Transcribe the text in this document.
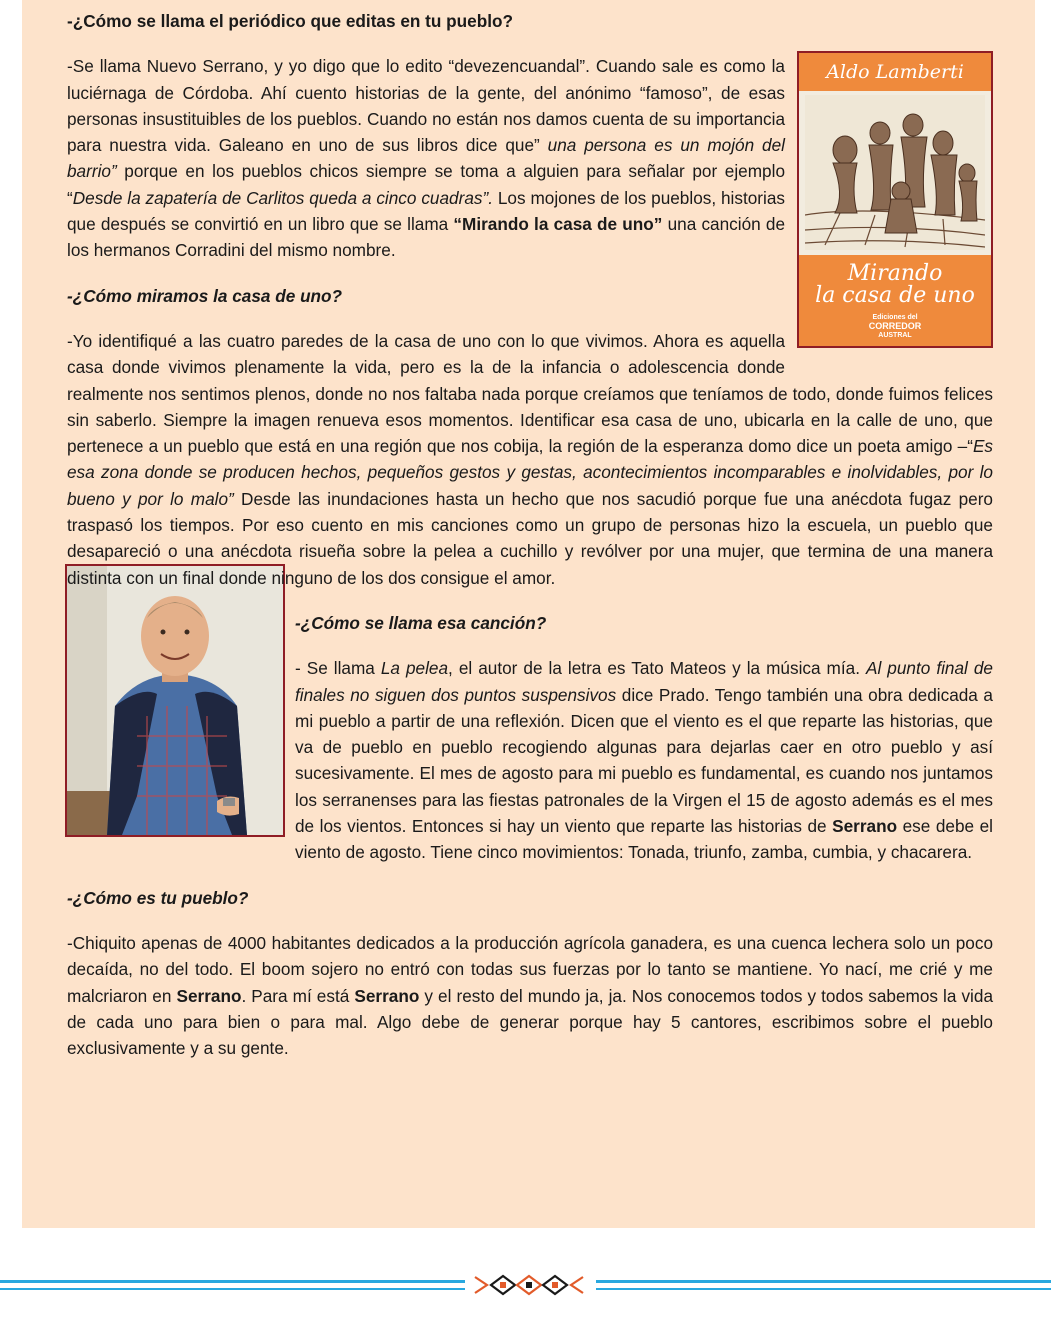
-¿Cómo se llama el periódico que editas en tu pueblo?

Aldo Lamberti
Mirando
la casa de uno
Ediciones del
CORREDOR
AUSTRAL
-Se llama Nuevo Serrano, y yo digo que lo edito “devezencuandal”. Cuando sale es como la luciérnaga de Córdoba. Ahí cuento historias de la gente, del anónimo “famoso”, de esas personas insustituibles de los pueblos. Cuando no están nos damos cuenta de su importancia para nuestra vida. Galeano en uno de sus libros dice que” una persona es un mojón del barrio” porque en los pueblos chicos siempre se toma a alguien para señalar por ejemplo “Desde la zapatería de Carlitos queda a cinco cuadras”. Los mojones de los pueblos, historias que después se convirtió en un libro que se llama “Mirando la casa de uno” una canción de los hermanos Corradini del mismo nombre.

-¿Cómo miramos la casa de uno?

-Yo identifiqué a las cuatro paredes de la casa de uno con lo que vivimos. Ahora es aquella casa donde vivimos plenamente la vida, pero es la de la infancia o adolescencia donde realmente nos sentimos plenos, donde no nos faltaba nada porque creíamos que teníamos de todo, donde fuimos felices sin saberlo. Siempre la imagen renueva esos momentos. Identificar esa casa de uno, ubicarla en la calle de uno, que pertenece a un pueblo que está en una región que nos cobija, la región de la esperanza domo dice un poeta amigo –“Es esa zona donde se producen hechos, pequeños gestos y gestas, acontecimientos incomparables e inolvidables, por lo bueno y por lo malo” Desde las inundaciones hasta un hecho que nos sacudió porque fue una anécdota fugaz pero traspasó los tiempos. Por eso cuento en mis canciones como un grupo de personas hizo la escuela, un pueblo que desapareció o una anécdota risueña sobre la pelea a cuchillo y revólver por una mujer, que termina de una manera distinta con un final donde ninguno de los dos consigue el amor.

-¿Cómo se llama esa canción?

- Se llama La pelea, el autor de la letra es Tato Mateos y la música mía. Al punto final de finales no siguen dos puntos suspensivos dice Prado. Tengo también una obra dedicada a mi pueblo a partir de una reflexión. Dicen que el viento es el que reparte las historias, que va de pueblo en pueblo recogiendo algunas para dejarlas caer en otro pueblo y así sucesivamente. El mes de agosto para mi pueblo es fundamental, es cuando nos juntamos los serranenses para las fiestas patronales de la Virgen el 15 de agosto además es el mes de los vientos. Entonces si hay un viento que reparte las historias de Serrano ese debe el viento de agosto. Tiene cinco movimientos: Tonada, triunfo, zamba, cumbia, y chacarera.

-¿Cómo es tu pueblo?

-Chiquito apenas de 4000 habitantes dedicados a la producción agrícola ganadera, es una cuenca lechera solo un poco decaída, no del todo. El boom sojero no entró con todas sus fuerzas por lo tanto se mantiene. Yo nací, me crié y me malcriaron en Serrano. Para mí está Serrano y el resto del mundo ja, ja. Nos conocemos todos y todos sabemos la vida de cada uno para bien o para mal. Algo debe de generar porque hay 5 cantores, escribimos sobre el pueblo exclusivamente y a su gente.
